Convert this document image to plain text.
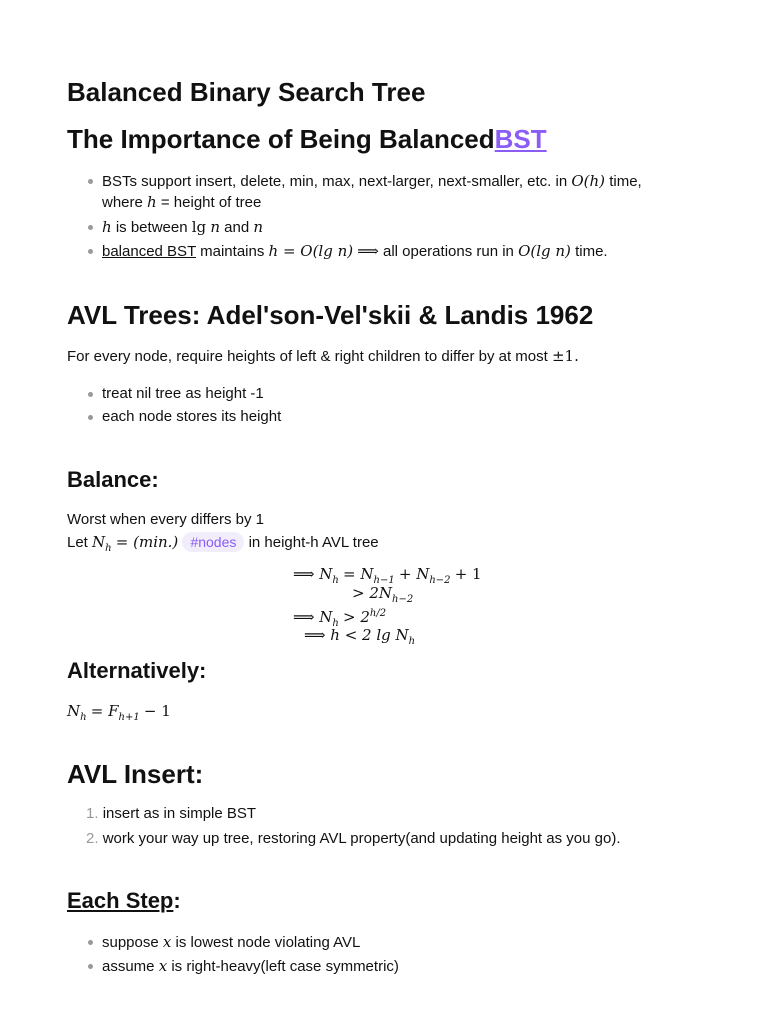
Balanced Binary Search Tree
The Importance of Being BalancedBST
BSTs support insert, delete, min, max, next-larger, next-smaller, etc. in O(h) time,
where h = height of tree
h is between lg n and n
balanced BST maintains h = O(lg n) ⟹ all operations run in O(lg n) time.
AVL Trees: Adel'son-Vel'skii & Landis 1962
For every node, require heights of left & right children to differ by at most ±1.
treat nil tree as height -1
each node stores its height
Balance:
Worst when every differs by 1
Let $N_h = (\min.)$ #nodes in height-h AVL tree
⟹ $N_h = N_{h-1} + N_{h-2} + 1$
> $2N_{h-2}$
⟹ $N_h > 2^{h/2}$
⟹ h < 2 $\lg N_h$
Alternatively:
$N_h = F_{h+1} - 1$
AVL Insert:
1. insert as in simple BST
2. work your way up tree, restoring AVL property(and updating height as you go).
Each Step:
suppose x is lowest node violating AVL
assume x is right-heavy(left case symmetric)
